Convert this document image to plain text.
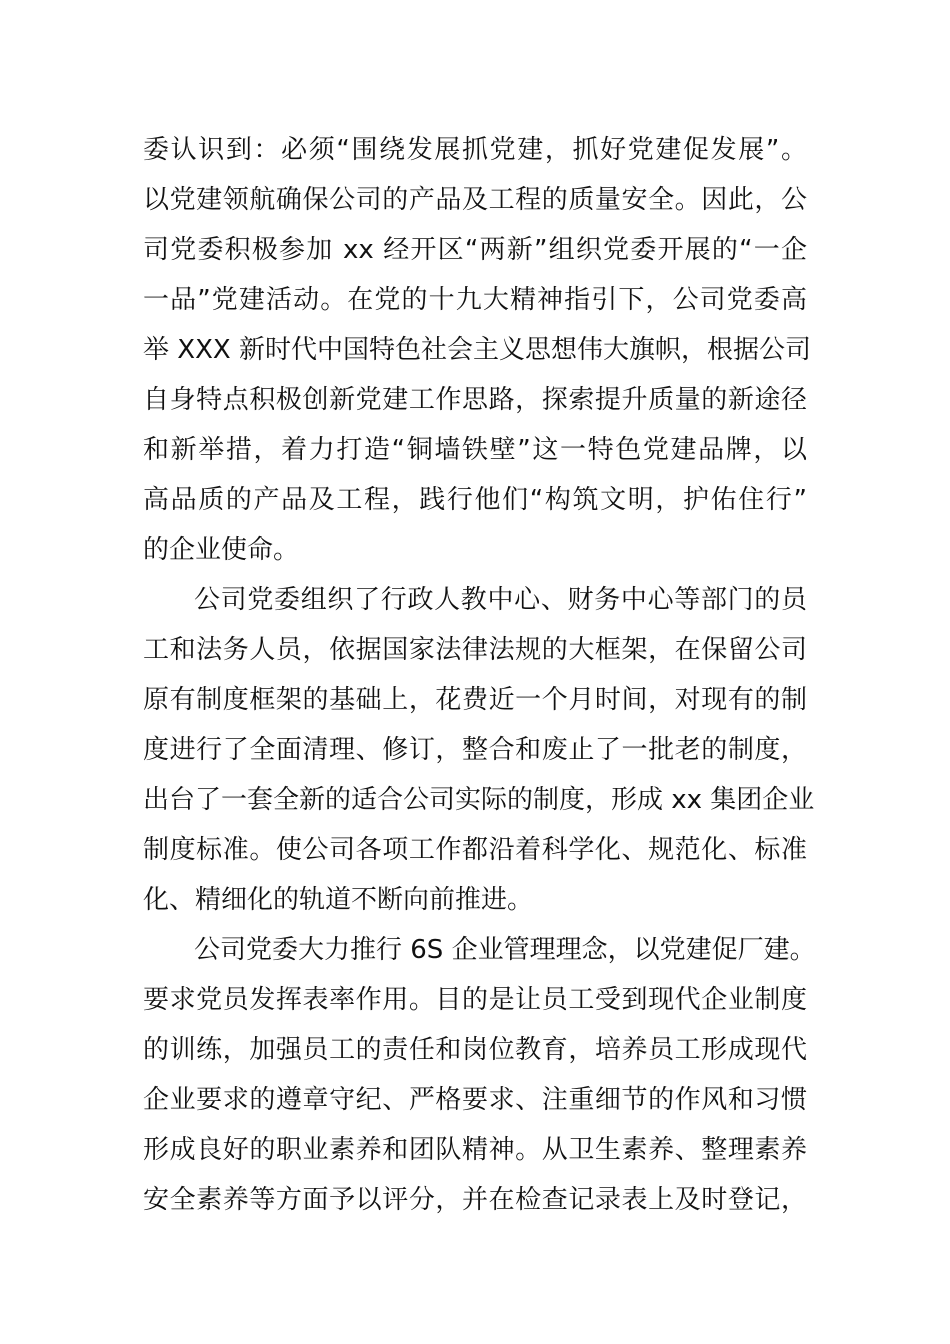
委认识到：必须“围绕发展抓党建，抓好党建促发展”。
以党建领航确保公司的产品及工程的质量安全。因此，公
司党委积极参加 xx 经开区“两新”组织党委开展的“一企
一品”党建活动。在党的十九大精神指引下，公司党委高
举 XXX 新时代中国特色社会主义思想伟大旗帜，根据公司
自身特点积极创新党建工作思路，探索提升质量的新途径
和新举措，着力打造“铜墙铁壁”这一特色党建品牌，以
高品质的产品及工程，践行他们“构筑文明，护佑住行”
的企业使命。
公司党委组织了行政人教中心、财务中心等部门的员
工和法务人员，依据国家法律法规的大框架，在保留公司
原有制度框架的基础上，花费近一个月时间，对现有的制
度进行了全面清理、修订，整合和废止了一批老的制度，
出台了一套全新的适合公司实际的制度，形成 xx 集团企业
制度标准。使公司各项工作都沿着科学化、规范化、标准
化、精细化的轨道不断向前推进。
公司党委大力推行 6S 企业管理理念，以党建促厂建。
要求党员发挥表率作用。目的是让员工受到现代企业制度
的训练，加强员工的责任和岗位教育，培养员工形成现代
企业要求的遵章守纪、严格要求、注重细节的作风和习惯
形成良好的职业素养和团队精神。从卫生素养、整理素养
安全素养等方面予以评分，并在检查记录表上及时登记，
